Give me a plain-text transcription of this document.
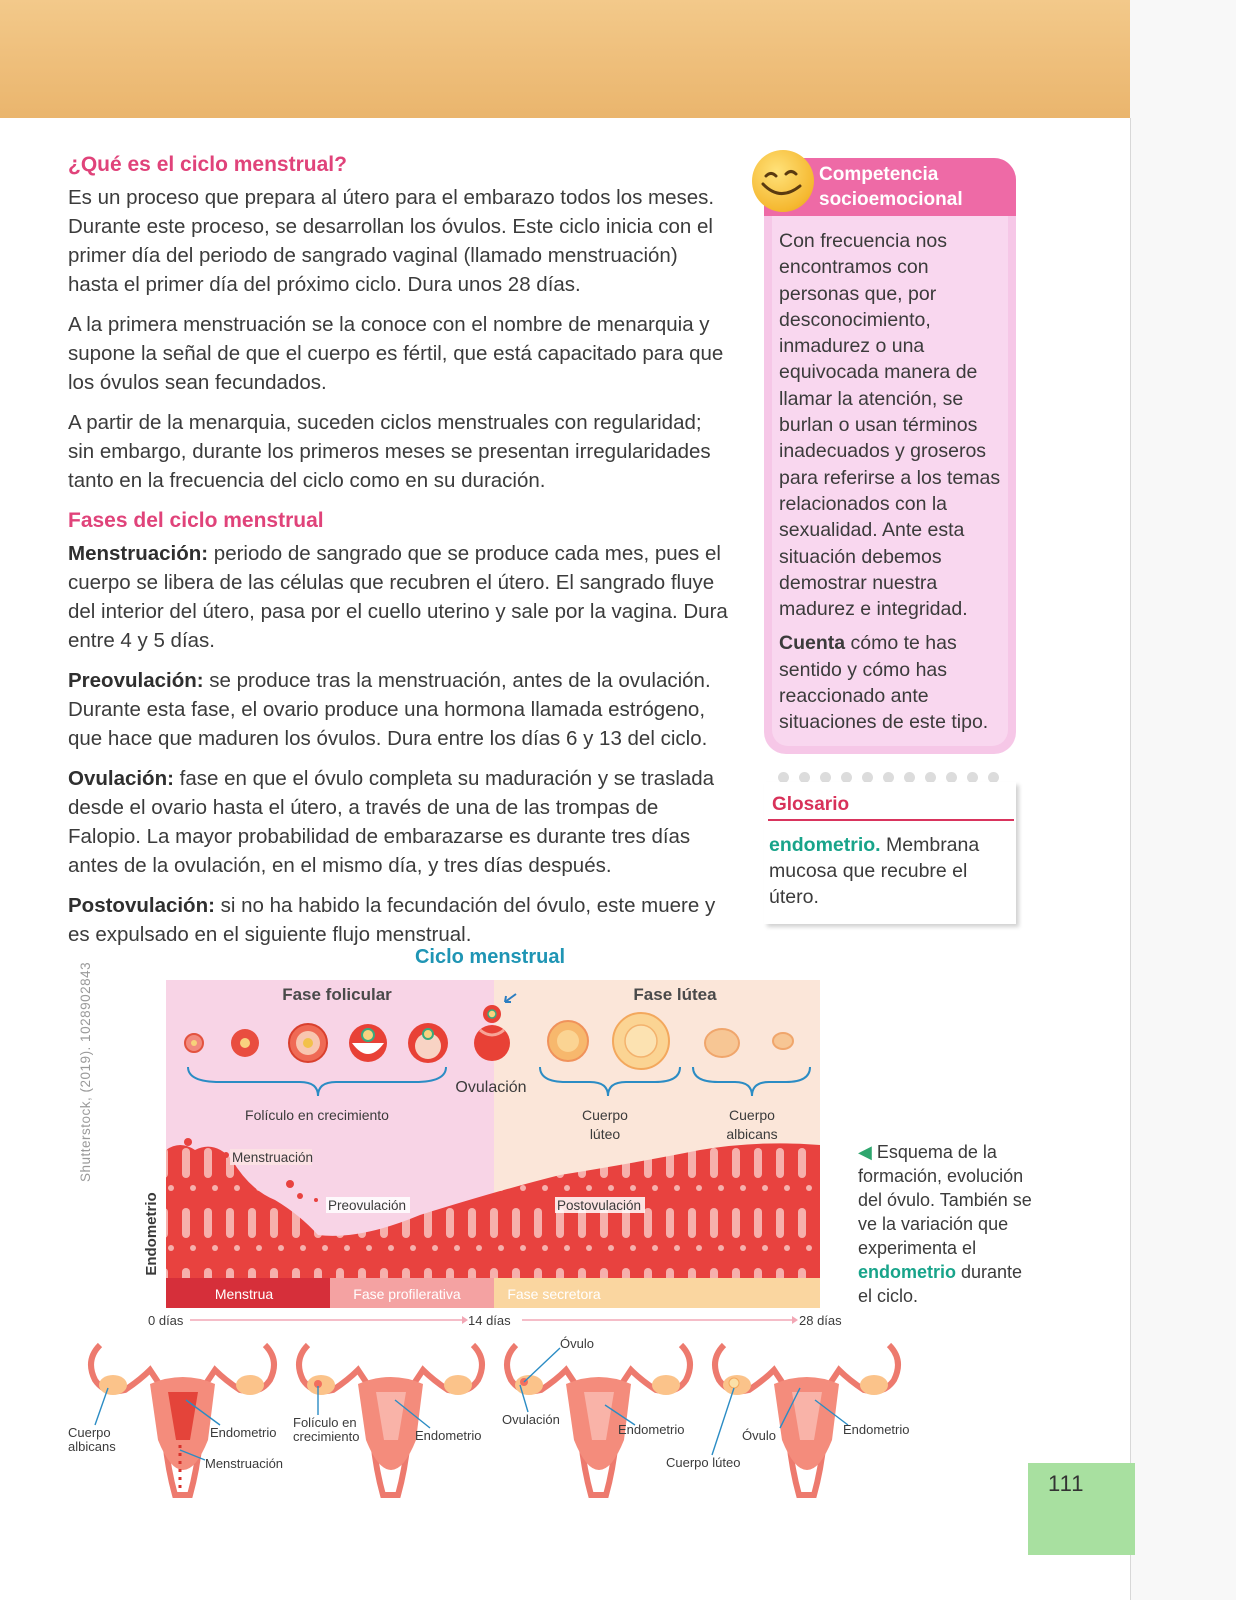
¿Qué es el ciclo menstrual?

Es un proceso que prepara al útero para el embarazo todos los meses. Durante este proceso, se desarrollan los óvulos. Este ciclo inicia con el primer día del periodo de sangrado vaginal (llamado menstruación) hasta el primer día del próximo ciclo. Dura unos 28 días.

A la primera menstruación se la conoce con el nombre de menarquia y supone la señal de que el cuerpo es fértil, que está capacitado para que los óvulos sean fecundados.

A partir de la menarquia, suceden ciclos menstruales con regularidad; sin embargo, durante los primeros meses se presentan irregularidades tanto en la frecuencia del ciclo como en su duración.

Fases del ciclo menstrual

Menstruación: periodo de sangrado que se produce cada mes, pues el cuerpo se libera de las células que recubren el útero. El sangrado fluye del interior del útero, pasa por el cuello uterino y sale por la vagina. Dura entre 4 y 5 días.

Preovulación: se produce tras la menstruación, antes de la ovulación. Durante esta fase, el ovario produce una hormona llamada estrógeno, que hace que maduren los óvulos. Dura entre los días 6 y 13 del ciclo.

Ovulación: fase en que el óvulo completa su maduración y se traslada desde el ovario hasta el útero, a través de una de las trompas de Falopio. La mayor probabilidad de embarazarse es durante tres días antes de la ovulación, en el mismo día, y tres días después.

Postovulación: si no ha habido la fecundación del óvulo, este muere y es expulsado en el siguiente flujo menstrual.

Competencia
socioemocional

Con frecuencia nos encontramos con personas que, por desconocimiento, inmadurez o una equivocada manera de llamar la atención, se burlan o usan términos inadecuados y groseros para referirse a los temas relacionados con la sexualidad. Ante esta situación debemos demostrar nuestra madurez e integridad.

Cuenta cómo te has sentido y cómo has reaccionado ante situaciones de este tipo.

Glosario
endometrio. Membrana mucosa que recubre el útero.
Shutterstock, (2019). 1028902843
Ciclo menstrual
Fase folicular	Fase lútea
Ovulación
Folículo en crecimiento	Cuerpo
lúteo
Cuerpo
albicans
Menstruación
Preovulación	Postovulación
Endometrio
Menstrua	Fase profilerativa	Fase secretora
0 días	14 días	28 días
Cuerpo
albicans
Endometrio
Menstruación
Folículo en
crecimiento	Endometrio
Óvulo
Ovulación
Endometrio	Óvulo
Cuerpo lúteo
Endometrio
◀ Esquema de la formación, evolución del óvulo. También se ve la variación que experimenta el endometrio durante el ciclo.
111
